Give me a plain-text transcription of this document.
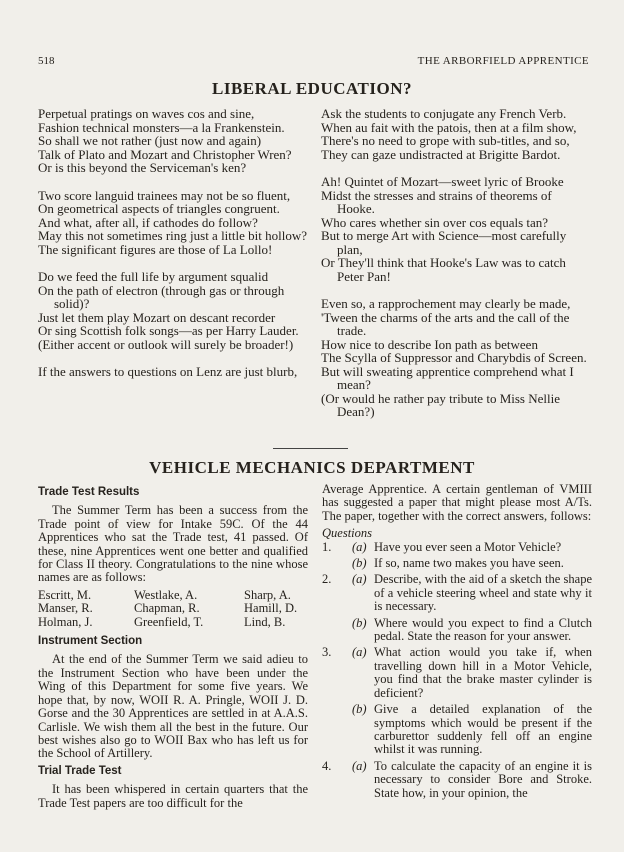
518	THE ARBORFIELD APPRENTICE
LIBERAL EDUCATION?
Perpetual pratings on waves cos and sine,
Fashion technical monsters—a la Frankenstein.
So shall we not rather (just now and again)
Talk of Plato and Mozart and Christopher Wren?
Or is this beyond the Serviceman's ken?
Two score languid trainees may not be so fluent,
On geometrical aspects of triangles congruent.
And what, after all, if cathodes do follow?
May this not sometimes ring just a little bit hollow?
The significant figures are those of La Lollo!
Do we feed the full life by argument squalid
On the path of electron (through gas or through solid)?
Just let them play Mozart on descant recorder
Or sing Scottish folk songs—as per Harry Lauder.
(Either accent or outlook will surely be broader!)
If the answers to questions on Lenz are just blurb,
Ask the students to conjugate any French Verb.
When au fait with the patois, then at a film show,
There's no need to grope with sub-titles, and so,
They can gaze undistracted at Brigitte Bardot.
Ah! Quintet of Mozart—sweet lyric of Brooke
Midst the stresses and strains of theorems of Hooke.
Who cares whether sin over cos equals tan?
But to merge Art with Science—most carefully plan,
Or They'll think that Hooke's Law was to catch Peter Pan!
Even so, a rapprochement may clearly be made,
'Tween the charms of the arts and the call of the trade.
How nice to describe Ion path as between
The Scylla of Suppressor and Charybdis of Screen.
But will sweating apprentice comprehend what I mean?
(Or would he rather pay tribute to Miss Nellie Dean?)
VEHICLE MECHANICS DEPARTMENT
Trade Test Results
The Summer Term has been a success from the Trade point of view for Intake 59C. Of the 44 Apprentices who sat the Trade test, 41 passed. Of these, nine Apprentices went one better and qualified for Class II theory. Congratulations to the nine whose names are as follows:
Escritt, M.	Westlake, A.	Sharp, A.
Manser, R.	Chapman, R.	Hamill, D.
Holman, J.	Greenfield, T.	Lind, B.
Instrument Section
At the end of the Summer Term we said adieu to the Instrument Section who have been under the Wing of this Department for some five years. We hope that, by now, WOII R. A. Pringle, WOII J. D. Gorse and the 30 Apprentices are settled in at A.A.S. Carlisle. We wish them all the best in the future. Our best wishes also go to WOII Bax who has left us for the School of Artillery.
Trial Trade Test
It has been whispered in certain quarters that the Trade Test papers are too difficult for the
Average Apprentice. A certain gentleman of VMIII has suggested a paper that might please most A/Ts. The paper, together with the correct answers, follows:
Questions
1. (a) Have you ever seen a Motor Vehicle?
(b) If so, name two makes you have seen.
2. (a) Describe, with the aid of a sketch the shape of a vehicle steering wheel and state why it is necessary.
(b) Where would you expect to find a Clutch pedal. State the reason for your answer.
3. (a) What action would you take if, when travelling down hill in a Motor Vehicle, you find that the brake master cylinder is deficient?
(b) Give a detailed explanation of the symptoms which would be present if the carburettor suddenly fell off an engine whilst it was running.
4. (a) To calculate the capacity of an engine it is necessary to consider Bore and Stroke. State how, in your opinion, the
